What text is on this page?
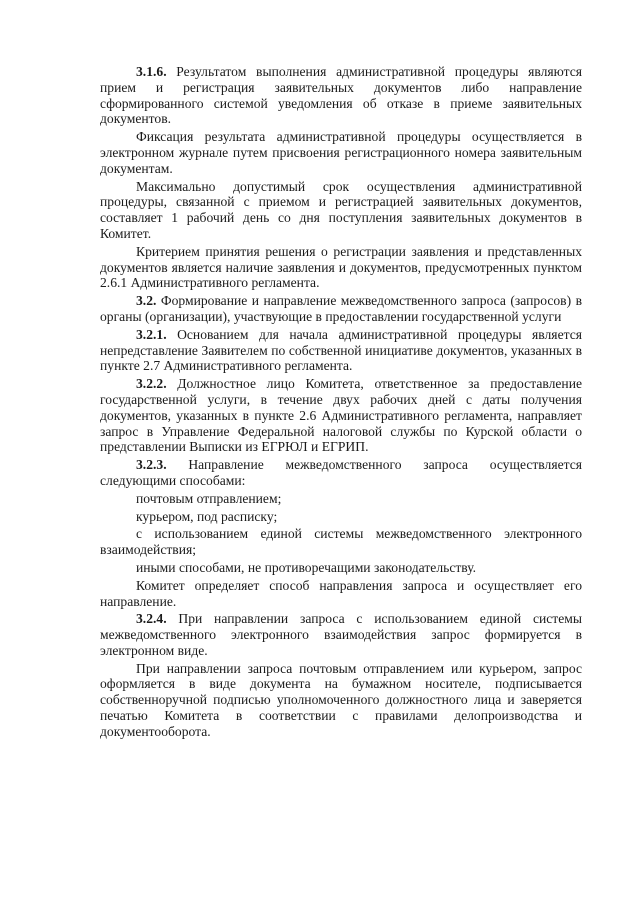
3.1.6. Результатом выполнения административной процедуры являются прием и регистрация заявительных документов либо направление сформированного системой уведомления об отказе в приеме заявительных документов.

Фиксация результата административной процедуры осуществляется в электронном журнале путем присвоения регистрационного номера заявительным документам.

Максимально допустимый срок осуществления административной процедуры, связанной с приемом и регистрацией заявительных документов, составляет 1 рабочий день со дня поступления заявительных документов в Комитет.

Критерием принятия решения о регистрации заявления и представленных документов является наличие заявления и документов, предусмотренных пунктом 2.6.1 Административного регламента.

3.2. Формирование и направление межведомственного запроса (запросов) в органы (организации), участвующие в предоставлении государственной услуги

3.2.1. Основанием для начала административной процедуры является непредставление Заявителем по собственной инициативе документов, указанных в пункте 2.7 Административного регламента.

3.2.2. Должностное лицо Комитета, ответственное за предоставление государственной услуги, в течение двух рабочих дней с даты получения документов, указанных в пункте 2.6 Административного регламента, направляет запрос в Управление Федеральной налоговой службы по Курской области о представлении Выписки из ЕГРЮЛ и ЕГРИП.

3.2.3. Направление межведомственного запроса осуществляется следующими способами:

почтовым отправлением;

курьером, под расписку;

с использованием единой системы межведомственного электронного взаимодействия;

иными способами, не противоречащими законодательству.

Комитет определяет способ направления запроса и осуществляет его направление.

3.2.4. При направлении запроса с использованием единой системы межведомственного электронного взаимодействия запрос формируется в электронном виде.

При направлении запроса почтовым отправлением или курьером, запрос оформляется в виде документа на бумажном носителе, подписывается собственноручной подписью уполномоченного должностного лица и заверяется печатью Комитета в соответствии с правилами делопроизводства и документооборота.
